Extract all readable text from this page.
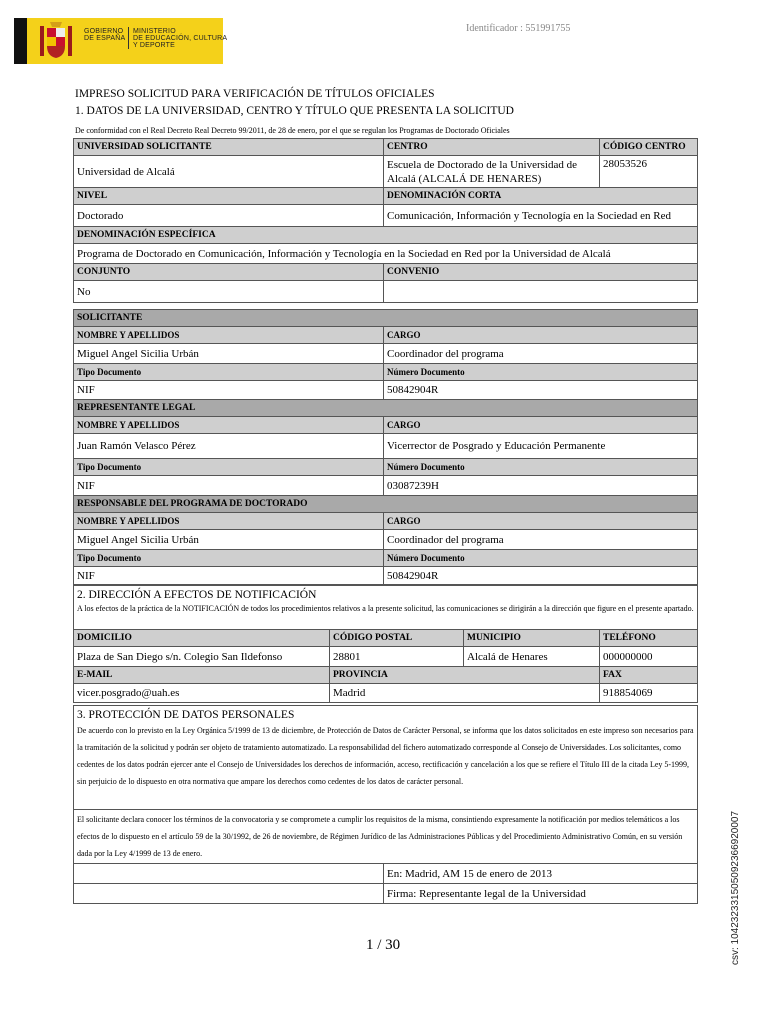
GOBIERNO
DE ESPAÑA
MINISTERIO
DE EDUCACIÓN, CULTURA
Y DEPORTE
Identificador : 551991755
IMPRESO SOLICITUD PARA VERIFICACIÓN DE TÍTULOS OFICIALES
1. DATOS DE LA UNIVERSIDAD, CENTRO Y TÍTULO QUE PRESENTA LA SOLICITUD
De conformidad con el Real Decreto Real Decreto 99/2011, de 28 de enero, por el que se regulan los Programas de Doctorado Oficiales
UNIVERSIDAD SOLICITANTE	CENTRO	CÓDIGO CENTRO
Universidad de Alcalá	Escuela de Doctorado de la Universidad de Alcalá (ALCALÁ DE HENARES)	28053526
NIVEL	DENOMINACIÓN CORTA	
Doctorado	Comunicación, Información y Tecnología en la Sociedad en Red	
DENOMINACIÓN ESPECÍFICA		
Programa de Doctorado en Comunicación, Información y Tecnología en la Sociedad en Red por la Universidad de Alcalá		
CONJUNTO	CONVENIO	
No		
SOLICITANTE	
NOMBRE Y APELLIDOS	CARGO
Miguel Angel Sicilia Urbán	Coordinador del programa
Tipo Documento	Número Documento
NIF	50842904R
REPRESENTANTE LEGAL	
NOMBRE Y APELLIDOS	CARGO
Juan Ramón Velasco Pérez	Vicerrector de Posgrado y Educación Permanente
Tipo Documento	Número Documento
NIF	03087239H
RESPONSABLE DEL PROGRAMA DE DOCTORADO	
NOMBRE Y APELLIDOS	CARGO
Miguel Angel Sicilia Urbán	Coordinador del programa
Tipo Documento	Número Documento
NIF	50842904R
2. DIRECCIÓN A EFECTOS DE NOTIFICACIÓN
A los efectos de la práctica de la NOTIFICACIÓN de todos los procedimientos relativos a la presente solicitud, las comunicaciones se dirigirán a la dirección que figure en el presente apartado.			

DOMICILIO	CÓDIGO POSTAL	MUNICIPIO	TELÉFONO
Plaza de San Diego s/n. Colegio San Ildefonso	28801	Alcalá de Henares	000000000
E-MAIL	PROVINCIA		FAX
vicer.posgrado@uah.es	Madrid		918854069
3. PROTECCIÓN DE DATOS PERSONALES
De acuerdo con lo previsto en la Ley Orgánica 5/1999 de 13 de diciembre, de Protección de Datos de Carácter Personal, se informa que los datos solicitados en este impreso son necesarios para la tramitación de la solicitud y podrán ser objeto de tratamiento automatizado. La responsabilidad del fichero automatizado corresponde al Consejo de Universidades. Los solicitantes, como cedentes de los datos podrán ejercer ante el Consejo de Universidades los derechos de información, acceso, rectificación y cancelación a los que se refiere el Título III de la citada Ley 5-1999, sin perjuicio de lo dispuesto en otra normativa que ampare los derechos como cedentes de los datos de carácter personal.	

El solicitante declara conocer los términos de la convocatoria y se compromete a cumplir los requisitos de la misma, consintiendo expresamente la notificación por medios telemáticos a los efectos de lo dispuesto en el artículo 59 de la 30/1992, de 26 de noviembre, de Régimen Jurídico de las Administraciones Públicas y del Procedimiento Administrativo Común, en su versión dada por la Ley 4/1999 de 13 de enero.	

	En: Madrid, AM 15 de enero de 2013
	Firma: Representante legal de la Universidad
1 / 30	csv: 104232331505092366920007
